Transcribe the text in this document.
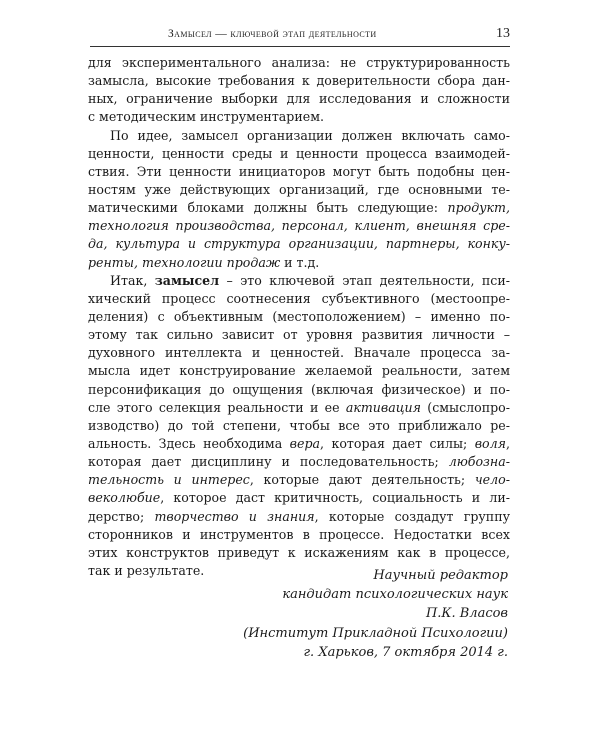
Замысел — ключевой этап деятельности	13
для экспериментального анализа: не структурированность
замысла, высокие требования к доверительности сбора дан-
ных, ограничение выборки для исследования и сложности
с методическим инструментарием.
По идее, замысел организации должен включать само-
ценности, ценности среды и ценности процесса взаимодей-
ствия. Эти ценности инициаторов могут быть подобны цен-
ностям уже действующих организаций, где основными те-
матическими блоками должны быть следующие: продукт,
технология производства, персонал, клиент, внешняя сре-
да, культура и структура организации, партнеры, конку-
ренты, технологии продаж и т.д.
Итак, замысел – это ключевой этап деятельности, пси-
хический процесс соотнесения субъективного (местоопре-
деления) с объективным (местоположением) – именно по-
этому так сильно зависит от уровня развития личности –
духовного интеллекта и ценностей. Вначале процесса за-
мысла идет конструирование желаемой реальности, затем
персонификация до ощущения (включая физическое) и по-
сле этого селекция реальности и ее активация (смыслопро-
изводство) до той степени, чтобы все это приближало ре-
альность. Здесь необходима вера, которая дает силы; воля,
которая дает дисциплину и последовательность; любозна-
тельность и интерес, которые дают деятельность; чело-
веколюбие, которое даст критичность, социальность и ли-
дерство; творчество и знания, которые создадут группу
сторонников и инструментов в процессе. Недостатки всех
этих конструктов приведут к искажениям как в процессе,
так и результате.	Научный редактор
кандидат психологических наук
П.К. Власов
(Институт Прикладной Психологии)
г. Харьков, 7 октября 2014 г.
